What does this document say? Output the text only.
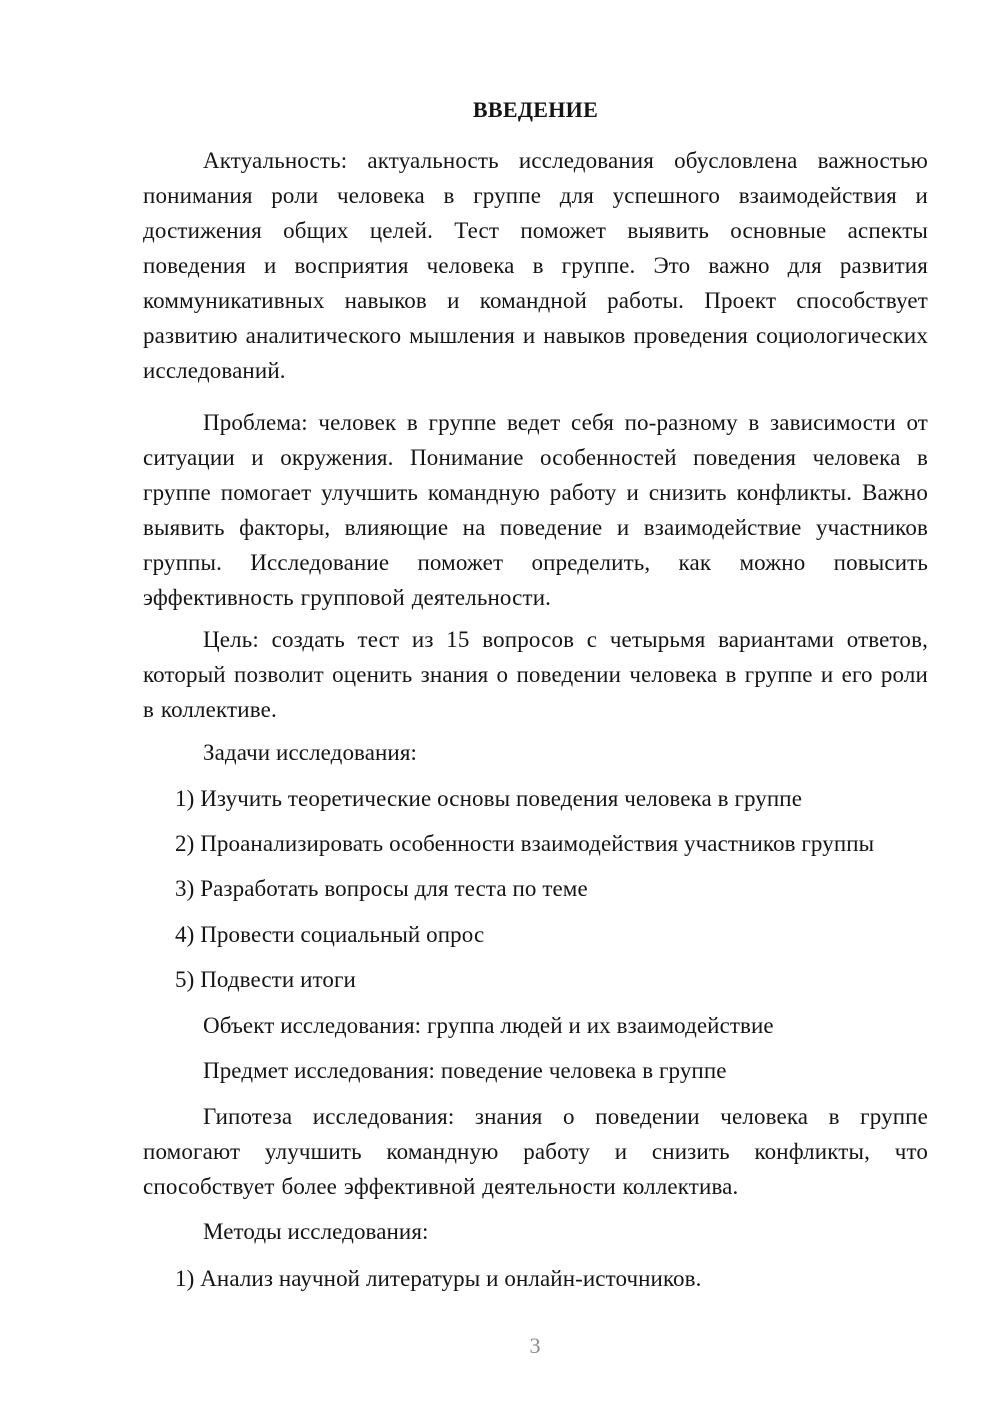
ВВЕДЕНИЕ

Актуальность: актуальность исследования обусловлена важностью понимания роли человека в группе для успешного взаимодействия и достижения общих целей. Тест поможет выявить основные аспекты поведения и восприятия человека в группе. Это важно для развития коммуникативных навыков и командной работы. Проект способствует развитию аналитического мышления и навыков проведения социологических исследований.

Проблема: человек в группе ведет себя по-разному в зависимости от ситуации и окружения. Понимание особенностей поведения человека в группе помогает улучшить командную работу и снизить конфликты. Важно выявить факторы, влияющие на поведение и взаимодействие участников группы. Исследование поможет определить, как можно повысить эффективность групповой деятельности.

Цель: создать тест из 15 вопросов с четырьмя вариантами ответов, который позволит оценить знания о поведении человека в группе и его роли в коллективе.

Задачи исследования:

1) Изучить теоретические основы поведения человека в группе

2) Проанализировать особенности взаимодействия участников группы

3) Разработать вопросы для теста по теме

4) Провести социальный опрос

5) Подвести итоги

Объект исследования: группа людей и их взаимодействие

Предмет исследования: поведение человека в группе

Гипотеза исследования: знания о поведении человека в группе помогают улучшить командную работу и снизить конфликты, что способствует более эффективной деятельности коллектива.

Методы исследования:

1) Анализ научной литературы и онлайн-источников.

3
